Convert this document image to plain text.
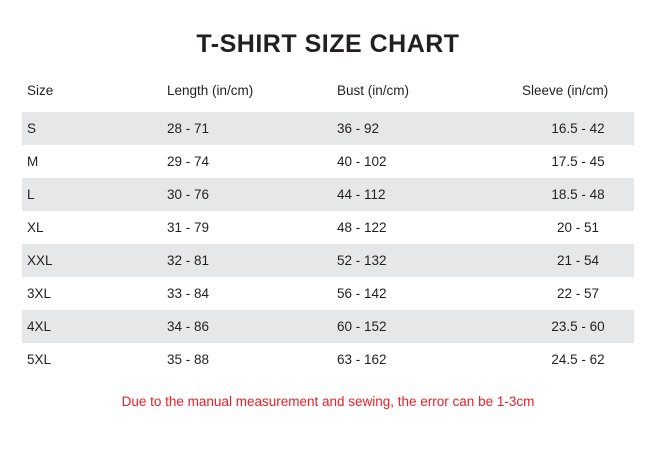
T-SHIRT SIZE CHART
Size	Length (in/cm)	Bust (in/cm)	Sleeve (in/cm)
S	28 - 71	36 - 92	16.5 - 42
M	29 - 74	40 - 102	17.5 - 45
L	30 - 76	44 - 112	18.5 - 48
XL	31 - 79	48 - 122	20 - 51
XXL	32 - 81	52 - 132	21 - 54
3XL	33 - 84	56 - 142	22 - 57
4XL	34 - 86	60 - 152	23.5 - 60
5XL	35 - 88	63 - 162	24.5 - 62
Due to the manual measurement and sewing, the error can be 1-3cm
